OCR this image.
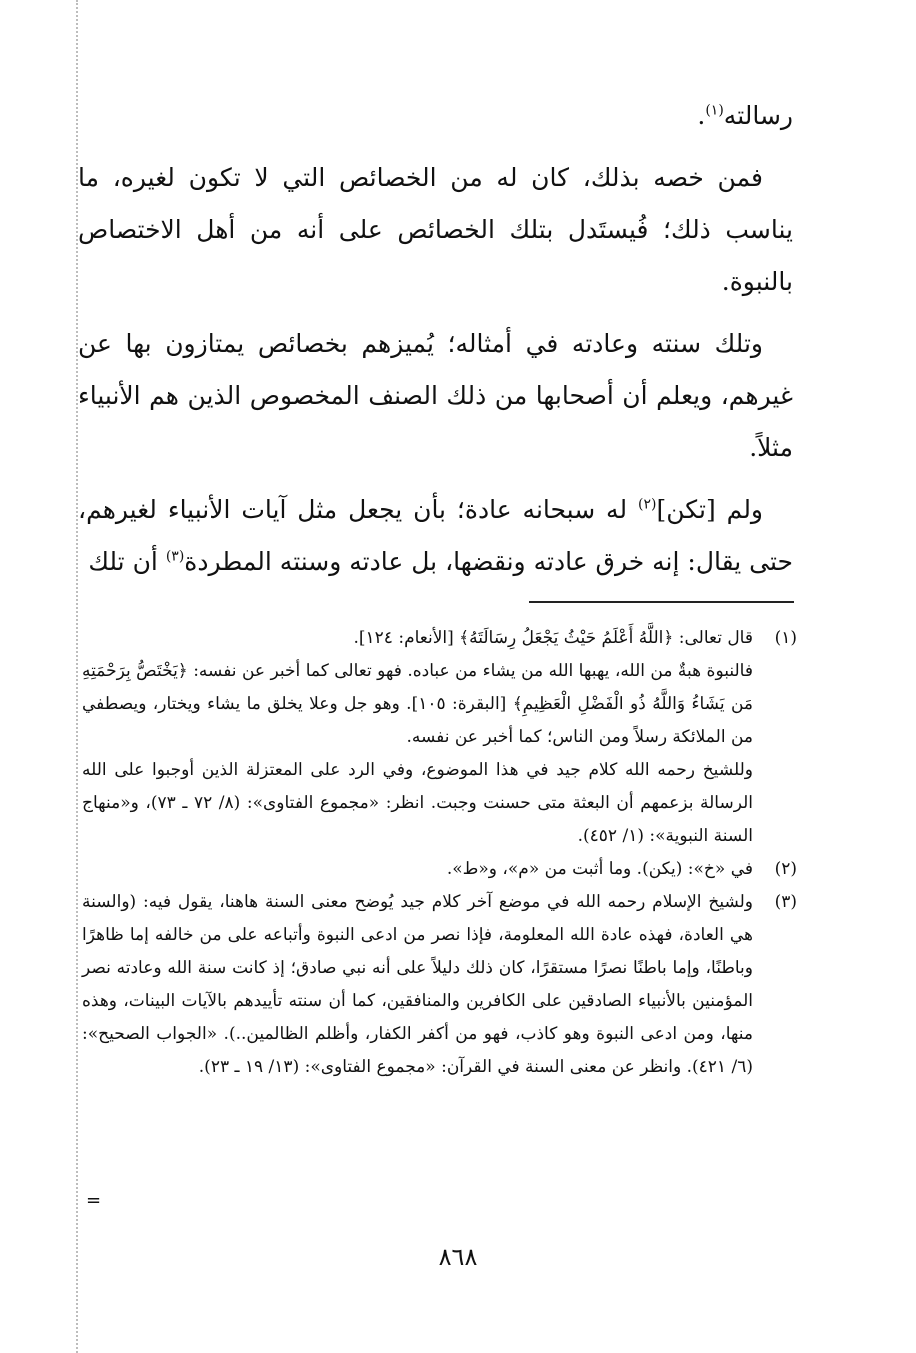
رسالته$^{(١)}$.

فمن خصه بذلك، كان له من الخصائص التي لا تكون لغيره، ما يناسب ذلك؛ فُيستَدل بتلك الخصائص على أنه من أهل الاختصاص بالنبوة.

وتلك سنته وعادته في أمثاله؛ يُميزهم بخصائص يمتازون بها عن غيرهم، ويعلم أن أصحابها من ذلك الصنف المخصوص الذين هم الأنبياء مثلاً.

ولم [تكن]$^{(٢)}$ له سبحانه عادة؛ بأن يجعل مثل آيات الأنبياء لغيرهم، حتى يقال: إنه خرق عادته ونقضها، بل عادته وسنته المطردة$^{(٣)}$ أن تلك

(١)
قال تعالى: ﴿اللَّهُ أَعْلَمُ حَيْثُ يَجْعَلُ رِسَالَتَهُ﴾ [الأنعام: ١٢٤].
فالنبوة هبةٌ من الله، يهبها الله من يشاء من عباده. فهو تعالى كما أخبر عن نفسه: ﴿يَخْتَصُّ بِرَحْمَتِهِ مَن يَشَاءُ وَاللَّهُ ذُو الْفَضْلِ الْعَظِيمِ﴾ [البقرة: ١٠٥]. وهو جل وعلا يخلق ما يشاء ويختار، ويصطفي من الملائكة رسلاً ومن الناس؛ كما أخبر عن نفسه.
وللشيخ رحمه الله كلام جيد في هذا الموضوع، وفي الرد على المعتزلة الذين أوجبوا على الله الرسالة بزعمهم أن البعثة متى حسنت وجبت. انظر: «مجموع الفتاوى»: (٨/ ٧٢ ـ ٧٣)، و«منهاج السنة النبوية»: (١/ ٤٥٢).
(٢)
في «خ»: (يكن). وما أثبت من «م»، و«ط».
(٣)
ولشيخ الإسلام رحمه الله في موضع آخر كلام جيد يُوضح معنى السنة هاهنا، يقول فيه: (والسنة هي العادة، فهذه عادة الله المعلومة، فإذا نصر من ادعى النبوة وأتباعه على من خالفه إما ظاهرًا وباطنًا، وإما باطنًا نصرًا مستقرًا، كان ذلك دليلاً على أنه نبي صادق؛ إذ كانت سنة الله وعادته نصر المؤمنين بالأنبياء الصادقين على الكافرين والمنافقين، كما أن سنته تأييدهم بالآيات البينات، وهذه منها، ومن ادعى النبوة وهو كاذب، فهو من أكفر الكفار، وأظلم الظالمين..). «الجواب الصحيح»: (٦/ ٤٢١). وانظر عن معنى السنة في القرآن: «مجموع الفتاوى»: (١٣/ ١٩ ـ ٢٣).
=
٨٦٨
